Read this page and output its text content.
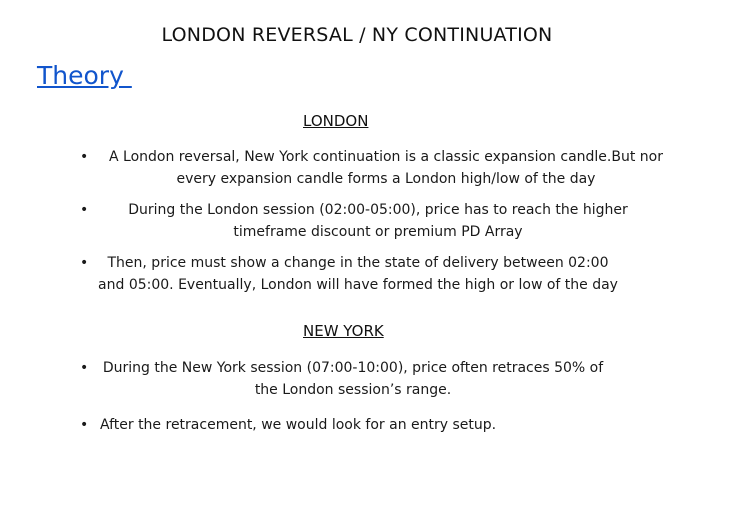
LONDON REVERSAL / NY CONTINUATION
Theory
LONDON
•	A London reversal, New York continuation is a classic expansion candle.But nor every expansion candle forms a London high/low of the day
•	During the London session (02:00-05:00), price has to reach the higher timeframe discount or premium PD Array
•	Then, price must show a change in the state of delivery between 02:00 and 05:00. Eventually, London will have formed the high or low of the day
NEW YORK
•	During the New York session (07:00-10:00), price often retraces 50% of the London session’s range.
• After the retracement, we would look for an entry setup.
